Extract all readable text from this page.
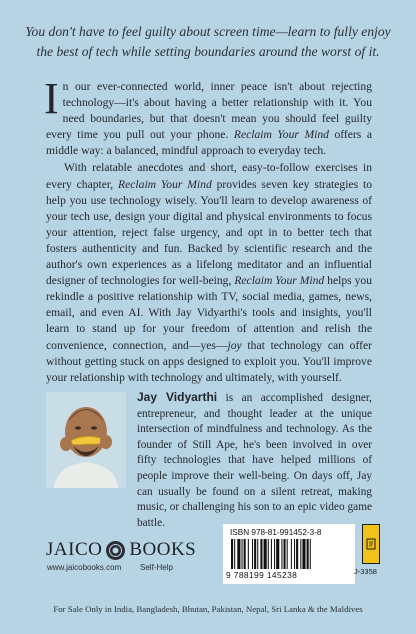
You don't have to feel guilty about screen time—learn to fully enjoy the best of tech while setting boundaries around the worst of it.

In our ever-connected world, inner peace isn't about rejecting technology—it's about having a better relationship with it. You need boundaries, but that doesn't mean you should feel guilty every time you pull out your phone. Reclaim Your Mind offers a middle way: a balanced, mindful approach to everyday tech.

With relatable anecdotes and short, easy-to-follow exercises in every chapter, Reclaim Your Mind provides seven key strategies to help you use technology wisely. You'll learn to develop awareness of your tech use, design your digital and physical environments to focus your attention, reject false urgency, and opt in to better tech that fosters authenticity and fun. Backed by scientific research and the author's own experiences as a lifelong meditator and an influential designer of technologies for well-being, Reclaim Your Mind helps you rekindle a positive relationship with TV, social media, games, news, email, and even AI. With Jay Vidyarthi's tools and insights, you'll learn to stand up for your freedom of attention and relish the convenience, connection, and—yes—joy that technology can offer without getting stuck on apps designed to exploit you. You'll improve your relationship with technology and ultimately, with yourself.

Jay Vidyarthi is an accomplished designer, entrepreneur, and thought leader at the unique intersection of mindfulness and technology. As the founder of Still Ape, he's been involved in over fifty technologies that have helped millions of people improve their well-being. On days off, Jay can usually be found on a silent retreat, making music, or challenging his son to an epic video game battle.
JAICO BOOKS
www.jaicobooks.com Self-Help
ISBN 978-81-991452-3-8
9 788199 145238	J-3358
For Sale Only in India, Bangladesh, Bhutan, Pakistan, Nepal, Sri Lanka & the Maldives
